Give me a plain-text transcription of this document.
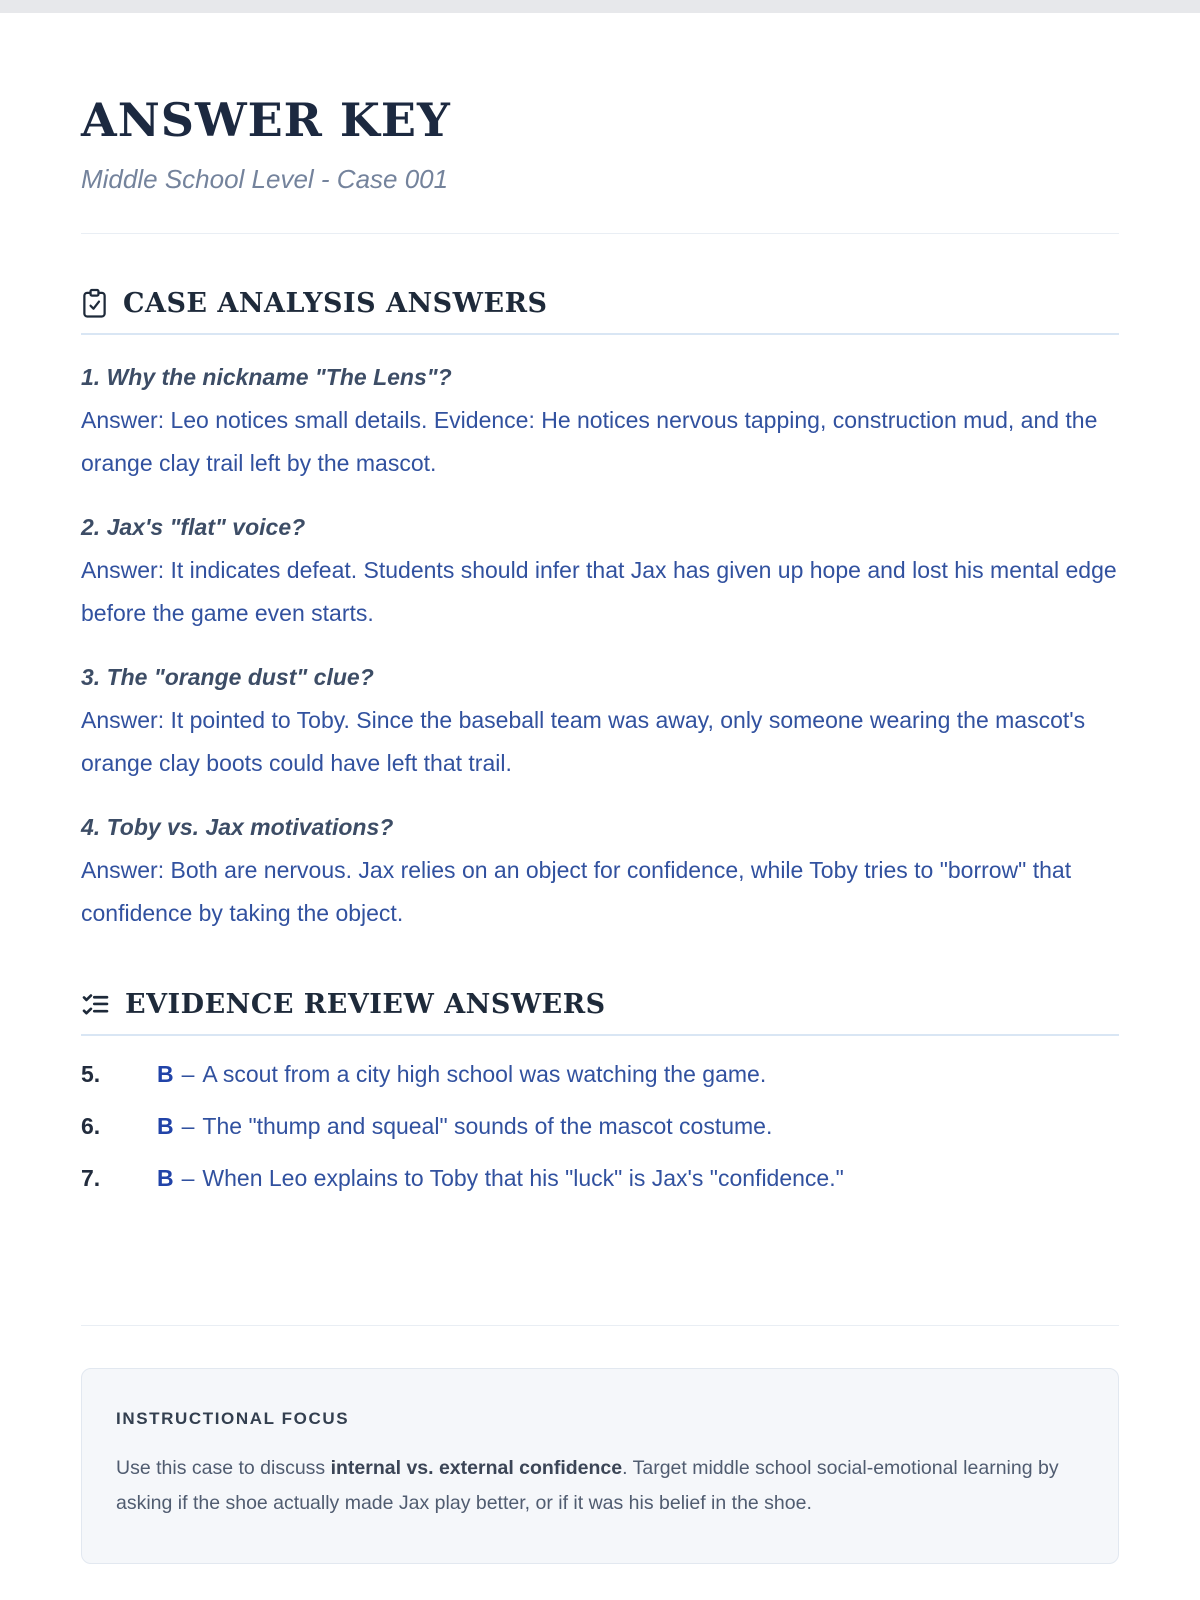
ANSWER KEY
Middle School Level - Case 001
CASE ANALYSIS ANSWERS

1. Why the nickname "The Lens"?

Answer: Leo notices small details. Evidence: He notices nervous tapping, construction mud, and the orange clay trail left by the mascot.

2. Jax's "flat" voice?

Answer: It indicates defeat. Students should infer that Jax has given up hope and lost his mental edge before the game even starts.

3. The "orange dust" clue?

Answer: It pointed to Toby. Since the baseball team was away, only someone wearing the mascot's orange clay boots could have left that trail.

4. Toby vs. Jax motivations?

Answer: Both are nervous. Jax relies on an object for confidence, while Toby tries to "borrow" that confidence by taking the object.

EVIDENCE REVIEW ANSWERS
5.	B – A scout from a city high school was watching the game.
6.	B – The "thump and squeal" sounds of the mascot costume.
7.	B – When Leo explains to Toby that his "luck" is Jax's "confidence."
INSTRUCTIONAL FOCUS

Use this case to discuss internal vs. external confidence. Target middle school social-emotional learning by asking if the shoe actually made Jax play better, or if it was his belief in the shoe.
